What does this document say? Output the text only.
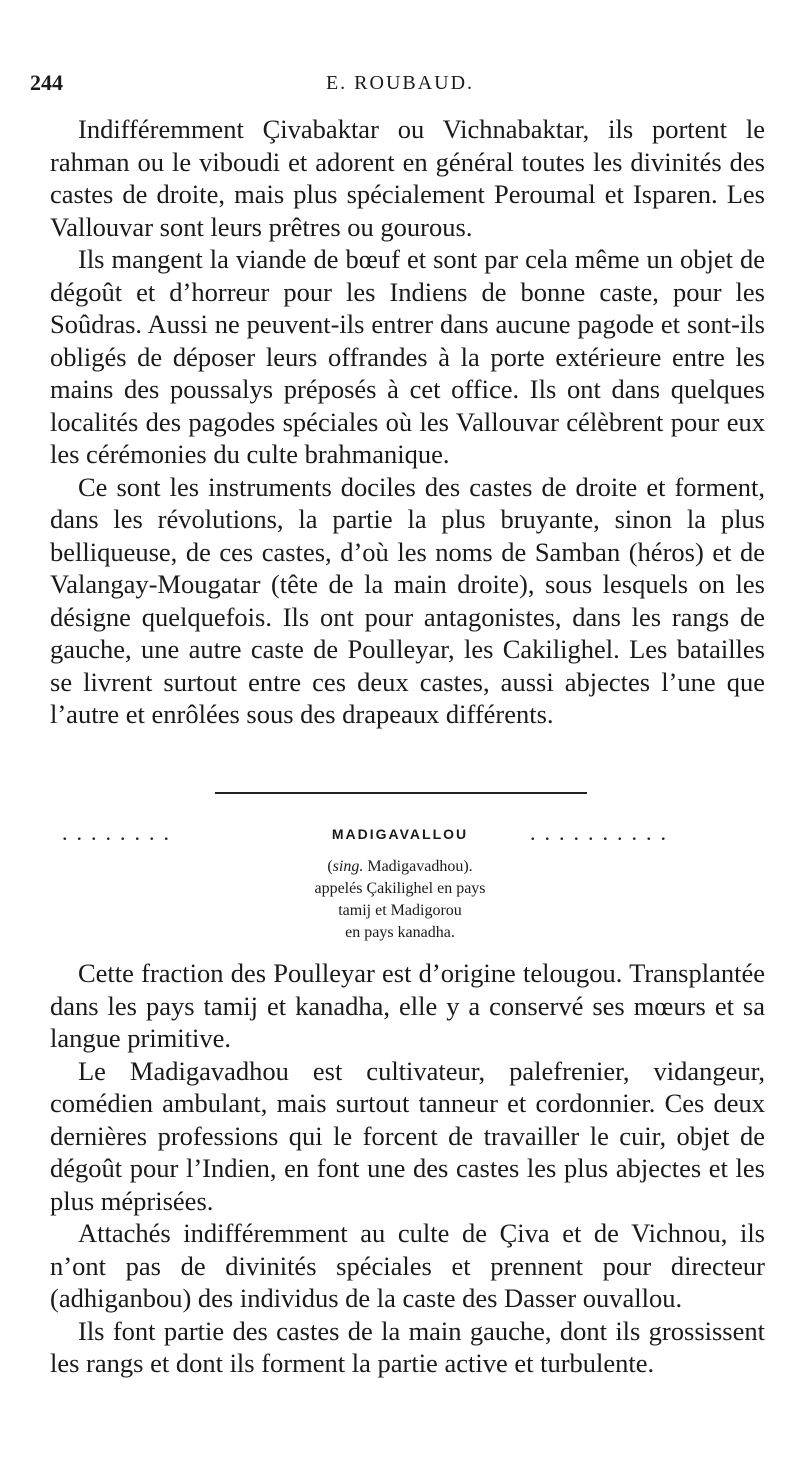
244	E. ROUBAUD.

Indifféremment Çivabaktar ou Vichnabaktar, ils portent le rahman ou le viboudi et adorent en général toutes les divinités des castes de droite, mais plus spécialement Peroumal et Isparen. Les Vallouvar sont leurs prêtres ou gourous.

Ils mangent la viande de bœuf et sont par cela même un objet de dégoût et d’horreur pour les Indiens de bonne caste, pour les Soûdras. Aussi ne peuvent-ils entrer dans aucune pagode et sont-ils obligés de déposer leurs offrandes à la porte extérieure entre les mains des poussalys préposés à cet office. Ils ont dans quelques localités des pagodes spéciales où les Vallouvar célèbrent pour eux les cérémonies du culte brahmanique.

Ce sont les instruments dociles des castes de droite et forment, dans les révolutions, la partie la plus bruyante, sinon la plus belliqueuse, de ces castes, d’où les noms de Samban (héros) et de Valangay-Mougatar (tête de la main droite), sous lesquels on les désigne quelquefois. Ils ont pour antagonistes, dans les rangs de gauche, une autre caste de Poulleyar, les Cakilighel. Les batailles se livrent surtout entre ces deux castes, aussi abjectes l’une que l’autre et enrôlées sous des drapeaux différents.

........	..........
MADIGAVALLOU
(sing. Madigavadhou).
appelés Çakilighel en pays
tamij et Madigorou
en pays kanadha.

Cette fraction des Poulleyar est d’origine telougou. Transplantée dans les pays tamij et kanadha, elle y a conservé ses mœurs et sa langue primitive.

Le Madigavadhou est cultivateur, palefrenier, vidangeur, comédien ambulant, mais surtout tanneur et cordonnier. Ces deux dernières professions qui le forcent de travailler le cuir, objet de dégoût pour l’Indien, en font une des castes les plus abjectes et les plus méprisées.

Attachés indifféremment au culte de Çiva et de Vichnou, ils n’ont pas de divinités spéciales et prennent pour directeur (adhiganbou) des individus de la caste des Dasser ouvallou.

Ils font partie des castes de la main gauche, dont ils grossissent les rangs et dont ils forment la partie active et turbulente.
